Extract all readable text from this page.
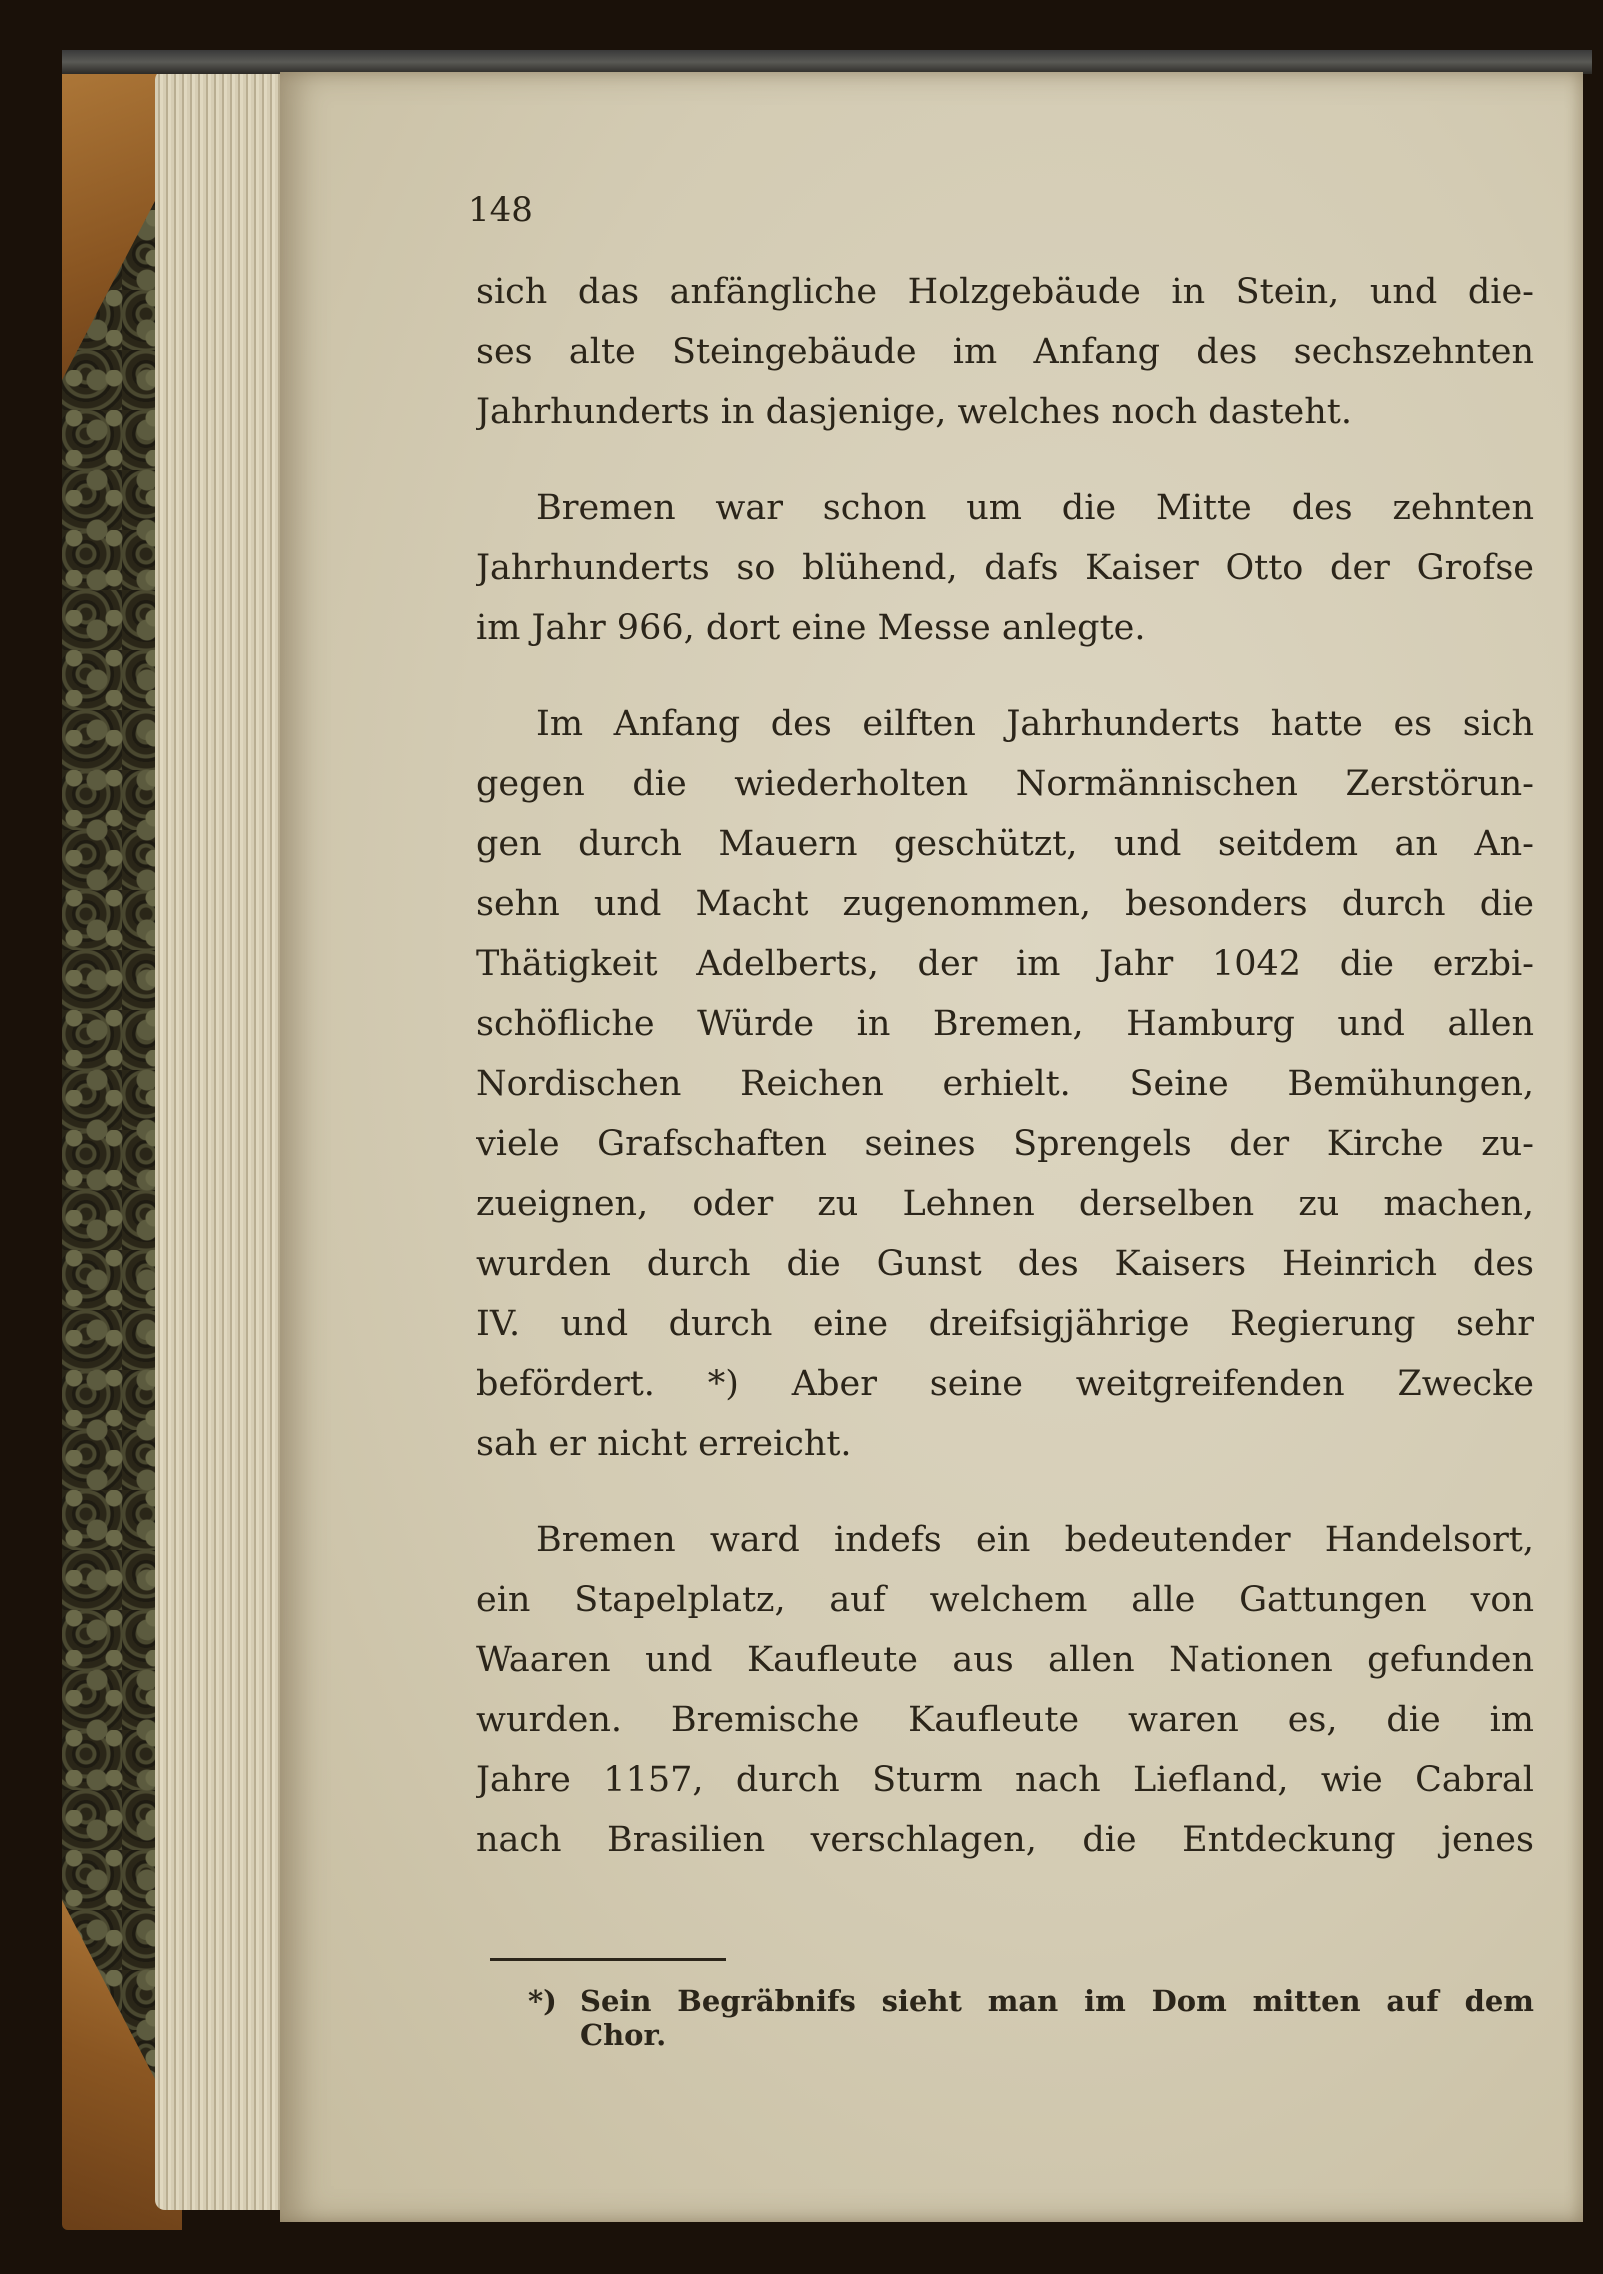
148
sich das anfängliche Holzgebäude in Stein, und die-
ses alte Steingebäude im Anfang des sechszehnten
Jahrhunderts in dasjenige, welches noch dasteht.
Bremen war schon um die Mitte des zehnten
Jahrhunderts so blühend, dafs Kaiser Otto der Grofse
im Jahr 966, dort eine Messe anlegte.
Im Anfang des eilften Jahrhunderts hatte es sich
gegen die wiederholten Normännischen Zerstörun-
gen durch Mauern geschützt, und seitdem an An-
sehn und Macht zugenommen, besonders durch die
Thätigkeit Adelberts, der im Jahr 1042 die erzbi-
schöfliche Würde in Bremen, Hamburg und allen
Nordischen Reichen erhielt. Seine Bemühungen,
viele Grafschaften seines Sprengels der Kirche zu-
zueignen, oder zu Lehnen derselben zu machen,
wurden durch die Gunst des Kaisers Heinrich des
IV. und durch eine dreifsigjährige Regierung sehr
befördert. *) Aber seine weitgreifenden Zwecke
sah er nicht erreicht.
Bremen ward indefs ein bedeutender Handelsort,
ein Stapelplatz, auf welchem alle Gattungen von
Waaren und Kaufleute aus allen Nationen gefunden
wurden. Bremische Kaufleute waren es, die im
Jahre 1157, durch Sturm nach Liefland, wie Cabral
nach Brasilien verschlagen, die Entdeckung jenes
*) Sein Begräbnifs sieht man im Dom mitten auf dem
Chor.
